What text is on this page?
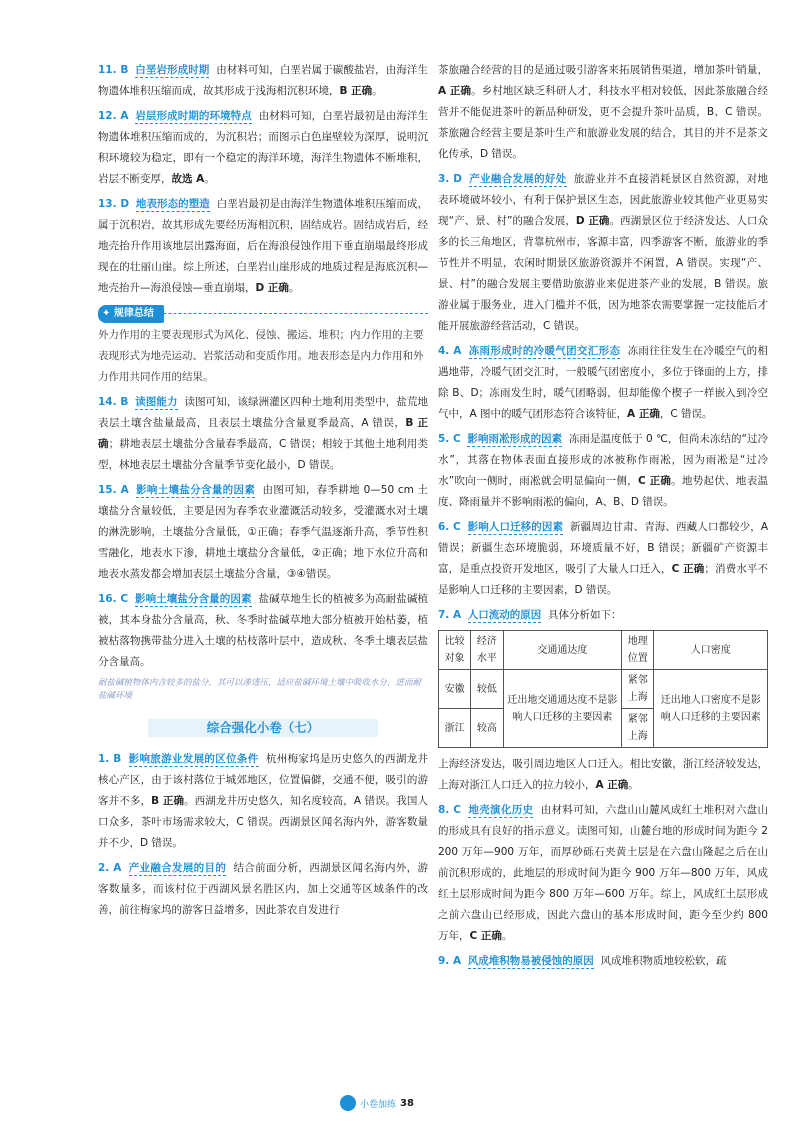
11. B 白垩岩形成时期 由材料可知，白垩岩属于碳酸盐岩，由海洋生物遗体堆积压缩而成，故其形成于浅海相沉积环境，B 正确。

12. A 岩层形成时期的环境特点 由材料可知，白垩岩最初是由海洋生物遗体堆积压缩而成的，为沉积岩；而图示白色崖壁较为深厚，说明沉积环境较为稳定，即有一个稳定的海洋环境，海洋生物遗体不断堆积，岩层不断变厚，故选 A。

13. D 地表形态的塑造 白垩岩最初是由海洋生物遗体堆积压缩而成，属于沉积岩，故其形成先要经历海相沉积，固结成岩。固结成岩后，经地壳抬升作用该地层出露海面，后在海浪侵蚀作用下垂直崩塌最终形成现在的壮丽山崖。综上所述，白垩岩山崖形成的地质过程是海底沉积—地壳抬升—海浪侵蚀—垂直崩塌，D 正确。

✦ 规律总结

外力作用的主要表现形式为风化、侵蚀、搬运、堆积；内力作用的主要表现形式为地壳运动、岩浆活动和变质作用。地表形态是内力作用和外力作用共同作用的结果。

14. B 读图能力 读图可知，该绿洲灌区四种土地利用类型中，盐荒地表层土壤含盐量最高，且表层土壤盐分含量夏季最高，A 错误，B 正确；耕地表层土壤盐分含量春季最高，C 错误；相较于其他土地利用类型，林地表层土壤盐分含量季节变化最小，D 错误。

15. A 影响土壤盐分含量的因素 由图可知，春季耕地 0—50 cm 土壤盐分含量较低，主要是因为春季农业灌溉活动较多，受灌溉水对土壤的淋洗影响，土壤盐分含量低，①正确；春季气温逐渐升高，季节性积雪融化，地表水下渗，耕地土壤盐分含量低，②正确；地下水位升高和地表水蒸发都会增加表层土壤盐分含量，③④错误。

16. C 影响土壤盐分含量的因素 盐碱草地生长的植被多为高耐盐碱植被，其本身盐分含量高，秋、冬季时盐碱草地大部分植被开始枯萎，植被枯落物携带盐分进入土壤的枯枝落叶层中，造成秋、冬季土壤表层盐分含量高。

耐盐碱植物体内含较多的盐分，其可以渗透压，适应盐碱环境土壤中吸收水分，进而耐盐碱环境

综合强化小卷（七）

1. B 影响旅游业发展的区位条件 杭州梅家坞是历史悠久的西湖龙井核心产区，由于该村落位于城郊地区，位置偏僻，交通不便，吸引的游客并不多，B 正确。西湖龙井历史悠久，知名度较高，A 错误。我国人口众多，茶叶市场需求较大，C 错误。西湖景区闻名海内外，游客数量并不少，D 错误。

2. A 产业融合发展的目的 结合前面分析，西湖景区闻名海内外，游客数量多，而该村位于西湖风景名胜区内，加上交通等区域条件的改善，前往梅家坞的游客日益增多，因此茶农自发进行

茶旅融合经营的目的是通过吸引游客来拓展销售渠道，增加茶叶销量，A 正确。乡村地区缺乏科研人才，科技水平相对较低，因此茶旅融合经营并不能促进茶叶的新品种研发，更不会提升茶叶品质，B、C 错误。茶旅融合经营主要是茶叶生产和旅游业发展的结合，其目的并不是茶文化传承，D 错误。

3. D 产业融合发展的好处 旅游业并不直接消耗景区自然资源，对地表环境破坏较小，有利于保护景区生态，因此旅游业较其他产业更易实现“产、景、村”的融合发展，D 正确。西湖景区位于经济发达、人口众多的长三角地区，背靠杭州市，客源丰富，四季游客不断，旅游业的季节性并不明显，农闲时期景区旅游资源并不闲置，A 错误。实现“产、景、村”的融合发展主要借助旅游业来促进茶产业的发展，B 错误。旅游业属于服务业，进入门槛并不低，因为地茶农需要掌握一定技能后才能开展旅游经营活动，C 错误。

4. A 冻雨形成时的冷暖气团交汇形态 冻雨往往发生在冷暖空气的相遇地带，冷暖气团交汇时，一般暖气团密度小，多位于锋面的上方，排除 B、D；冻雨发生时，暖气团略弱，但却能像个楔子一样嵌入到冷空气中，A 图中的暖气团形态符合该特征，A 正确，C 错误。

5. C 影响雨凇形成的因素 冻雨是温度低于 0 ℃，但尚未冻结的“过冷水”，其落在物体表面直接形成的冰被称作雨凇，因为雨凇是“过冷水”吹向一侧时，雨凇就会明显偏向一侧，C 正确。地势起伏、地表温度、降雨量并不影响雨凇的偏向，A、B、D 错误。

6. C 影响人口迁移的因素 新疆周边甘肃、青海、西藏人口都较少，A 错误；新疆生态环境脆弱，环境质量不好，B 错误；新疆矿产资源丰富，是重点投资开发地区，吸引了大量人口迁入，C 正确；消费水平不是影响人口迁移的主要因素，D 错误。

7. A 人口流动的原因 具体分析如下：

比较对象	经济水平	交通通达度	地理位置	人口密度
安徽	较低	迁出地交通通达度不是影响人口迁移的主要因素	紧邻上海	迁出地人口密度不是影响人口迁移的主要因素
浙江	较高		紧邻上海	

上海经济发达，吸引周边地区人口迁入。相比安徽，浙江经济较发达，上海对浙江人口迁入的拉力较小，A 正确。

8. C 地壳演化历史 由材料可知，六盘山山麓风成红土堆积对六盘山的形成具有良好的指示意义。读图可知，山麓台地的形成时间为距今 2 200 万年—900 万年，而厚砂砾石夹黄土层是在六盘山隆起之后在山前沉积形成的，此地层的形成时间为距今 900 万年—800 万年，风成红土层形成时间为距今 800 万年—600 万年。综上，风成红土层形成之前六盘山已经形成，因此六盘山的基本形成时间，距今至少约 800 万年，C 正确。

9. A 风成堆积物易被侵蚀的原因 风成堆积物质地较松软，疏

小卷加练 38
